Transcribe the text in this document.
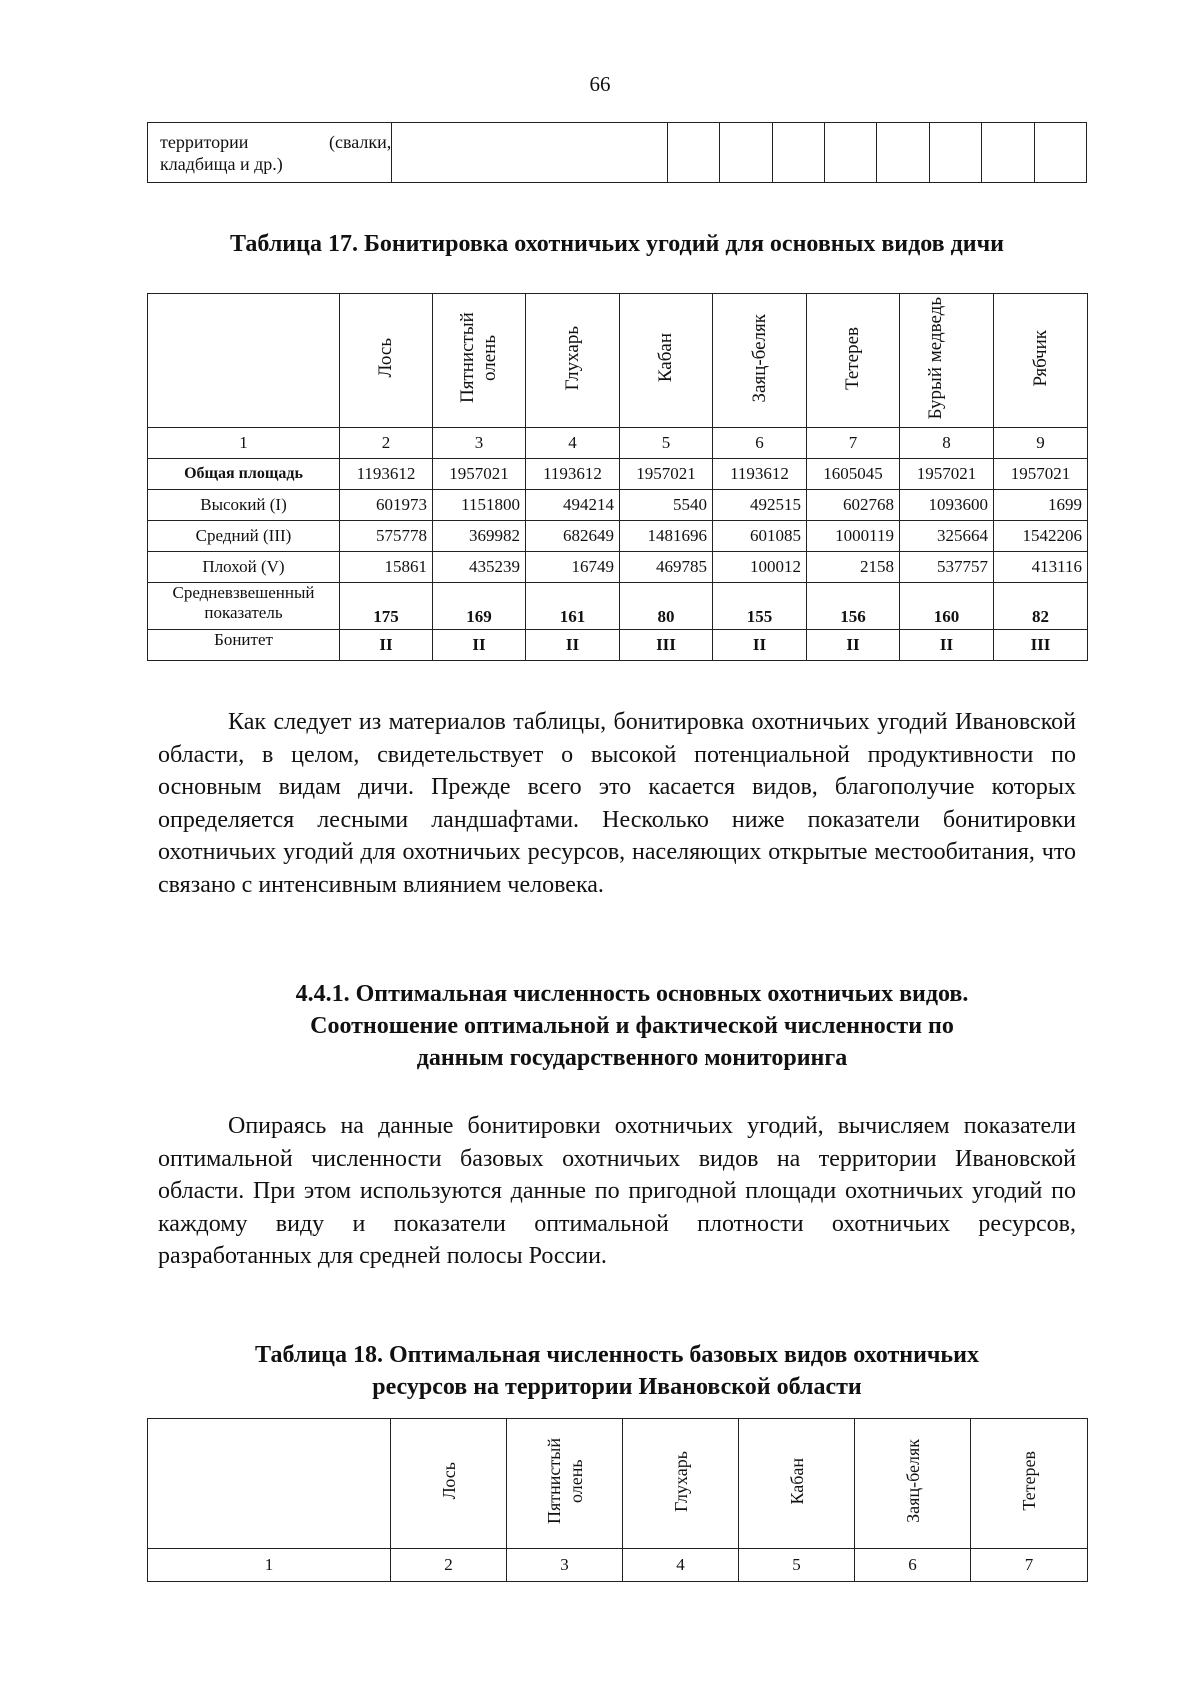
66
территории (свалки, кладбища и др.)									
Таблица 17. Бонитировка охотничьих угодий для основных видов дичи
	Лось	Пятнистый олень	Глухарь	Кабан	Заяц-беляк	Тетерев	Бурый медведь	Рябчик
1	2	3	4	5	6	7	8	9
Общая площадь	1193612	1957021	1193612	1957021	1193612	1605045	1957021	1957021
Высокий (I)	601973	1151800	494214	5540	492515	602768	1093600	1699
Средний (III)	575778	369982	682649	1481696	601085	1000119	325664	1542206
Плохой (V)	15861	435239	16749	469785	100012	2158	537757	413116
Средневзвешенный показатель	175	169	161	80	155	156	160	82
Бонитет	II	II	II	III	II	II	II	III
Как следует из материалов таблицы, бонитировка охотничьих угодий Ивановской области, в целом, свидетельствует о высокой потенциальной продуктивности по основным видам дичи. Прежде всего это касается видов, благополучие которых определяется лесными ландшафтами. Несколько ниже показатели бонитировки охотничьих угодий для охотничьих ресурсов, населяющих открытые местообитания, что связано с интенсивным влиянием человека.
4.4.1. Оптимальная численность основных охотничьих видов.
Соотношение оптимальной и фактической численности по
данным государственного мониторинга
Опираясь на данные бонитировки охотничьих угодий, вычисляем показатели оптимальной численности базовых охотничьих видов на территории Ивановской области. При этом используются данные по пригодной площади охотничьих угодий по каждому виду и показатели оптимальной плотности охотничьих ресурсов, разработанных для средней полосы России.
Таблица 18. Оптимальная численность базовых видов охотничьих
ресурсов на территории Ивановской области
	Лось	Пятнистый олень	Глухарь	Кабан	Заяц-беляк	Тетерев
1	2	3	4	5	6	7
